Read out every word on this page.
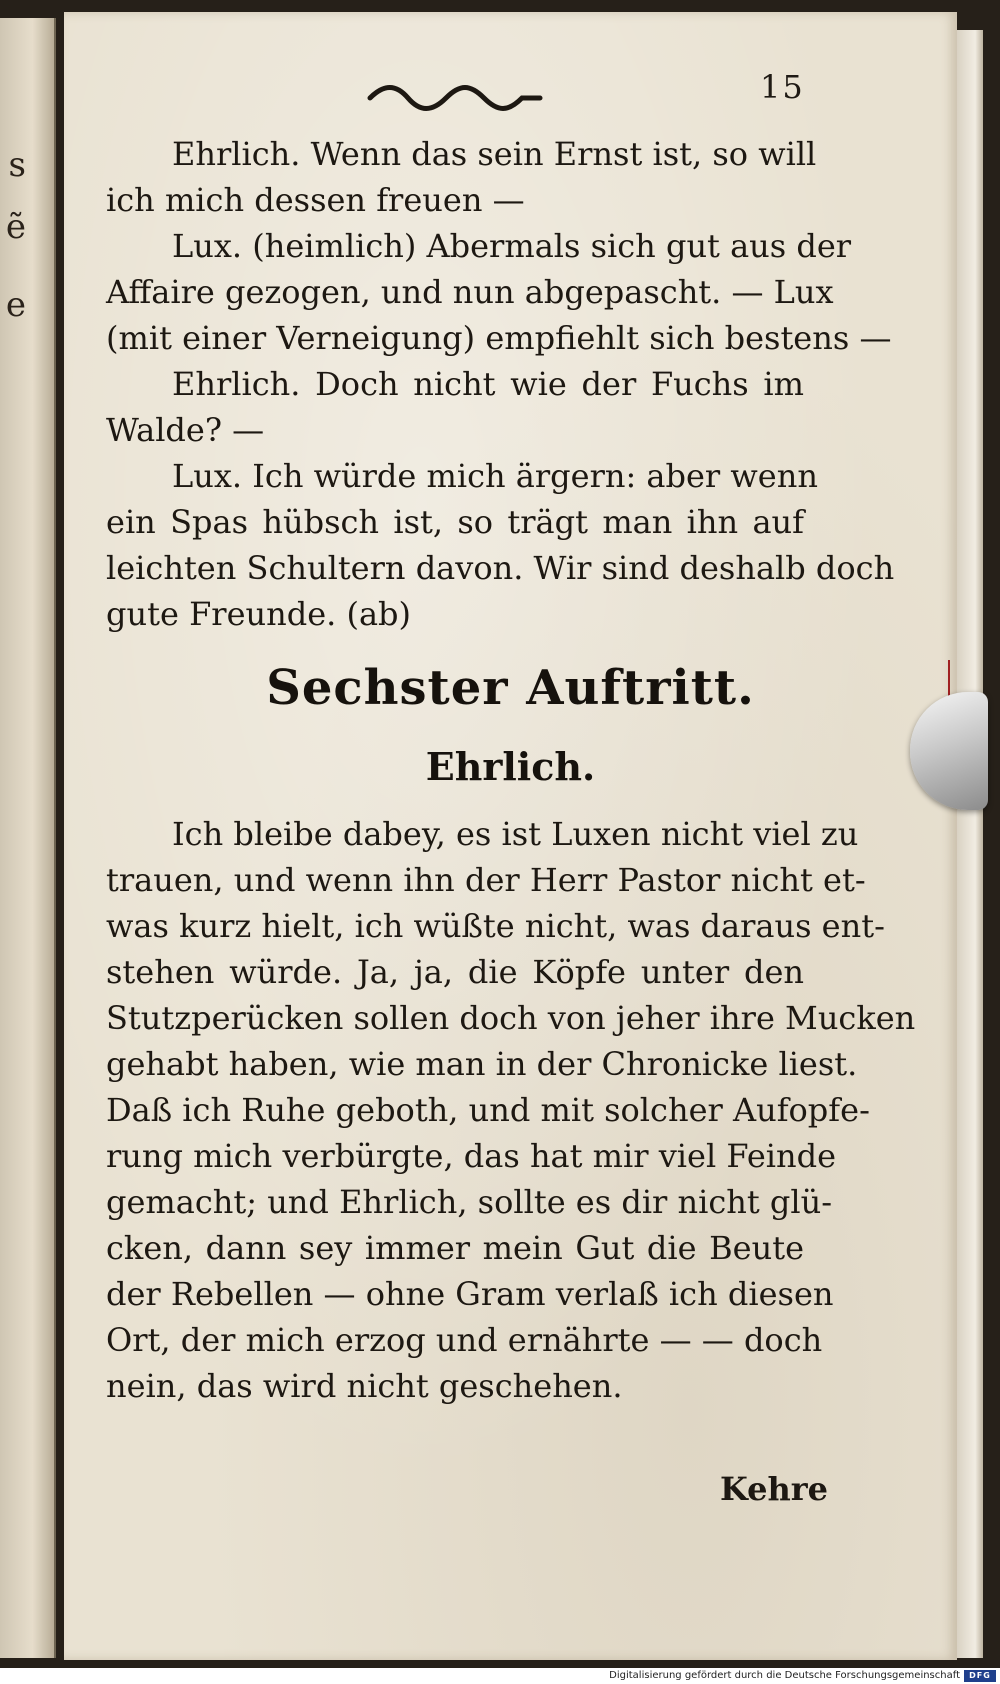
s
ẽ
e
15
Ehrlich. Wenn das sein Ernst ist, so will
ich mich dessen freuen —
Lux. (heimlich) Abermals sich gut aus der
Affaire gezogen, und nun abgepascht. — Lux
(mit einer Verneigung) empfiehlt sich bestens —
Ehrlich. Doch nicht wie der Fuchs im
Walde? —
Lux. Ich würde mich ärgern: aber wenn
ein Spas hübsch ist, so trägt man ihn auf
leichten Schultern davon. Wir sind deshalb doch
gute Freunde. (ab)
Sechster Auftritt.
Ehrlich.
Ich bleibe dabey, es ist Luxen nicht viel zu
trauen, und wenn ihn der Herr Pastor nicht et-
was kurz hielt, ich wüßte nicht, was daraus ent-
stehen würde. Ja, ja, die Köpfe unter den
Stutzperücken sollen doch von jeher ihre Mucken
gehabt haben, wie man in der Chronicke liest.
Daß ich Ruhe geboth, und mit solcher Aufopfe-
rung mich verbürgte, das hat mir viel Feinde
gemacht; und Ehrlich, sollte es dir nicht glü-
cken, dann sey immer mein Gut die Beute
der Rebellen — ohne Gram verlaß ich diesen
Ort, der mich erzog und ernährte — — doch
nein, das wird nicht geschehen.
Kehre
Digitalisierung gefördert durch die Deutsche Forschungsgemeinschaft	DFG
